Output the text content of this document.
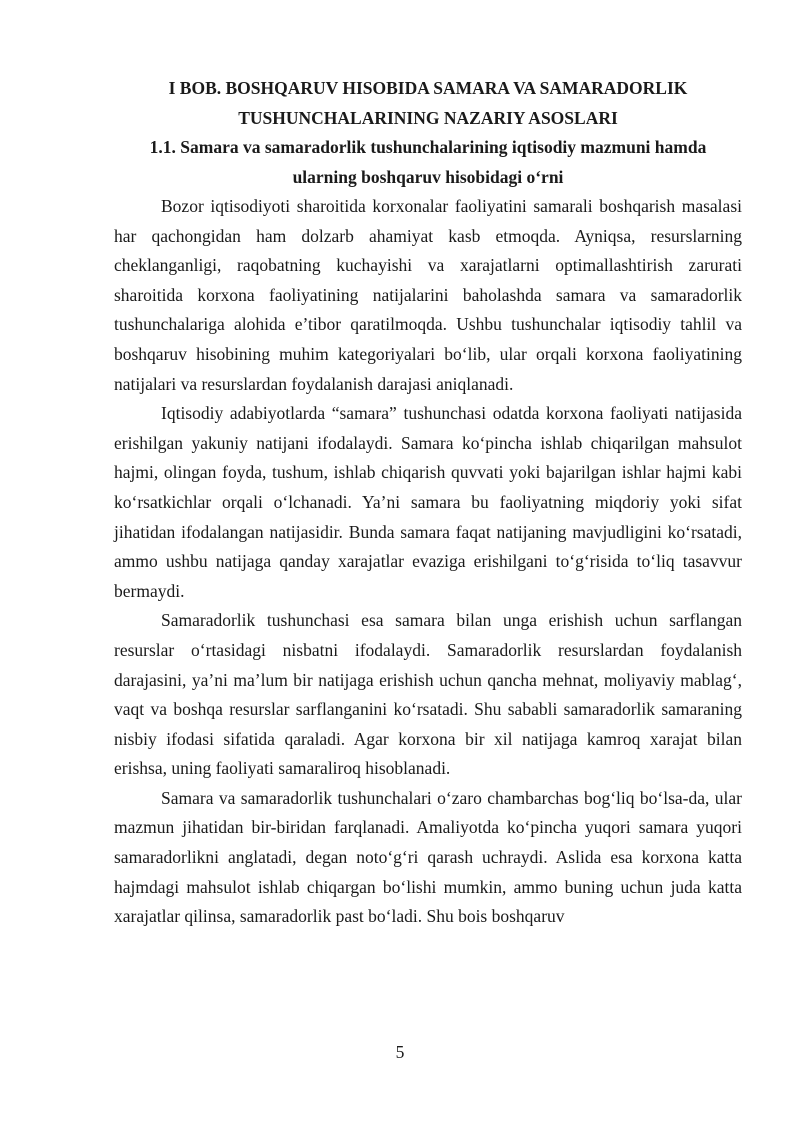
I BOB. BOSHQARUV HISOBIDA SAMARA VA SAMARADORLIK

TUSHUNCHALARINING NAZARIY ASOSLARI

1.1. Samara va samaradorlik tushunchalarining iqtisodiy mazmuni hamda

ularning boshqaruv hisobidagi o‘rni

Bozor iqtisodiyoti sharoitida korxonalar faoliyatini samarali boshqarish masalasi har qachongidan ham dolzarb ahamiyat kasb etmoqda. Ayniqsa, resurslarning cheklanganligi, raqobatning kuchayishi va xarajatlarni optimallashtirish zarurati sharoitida korxona faoliyatining natijalarini baholashda samara va samaradorlik tushunchalariga alohida e’tibor qaratilmoqda. Ushbu tushunchalar iqtisodiy tahlil va boshqaruv hisobining muhim kategoriyalari bo‘lib, ular orqali korxona faoliyatining natijalari va resurslardan foydalanish darajasi aniqlanadi.

Iqtisodiy adabiyotlarda “samara” tushunchasi odatda korxona faoliyati natijasida erishilgan yakuniy natijani ifodalaydi. Samara ko‘pincha ishlab chiqarilgan mahsulot hajmi, olingan foyda, tushum, ishlab chiqarish quvvati yoki bajarilgan ishlar hajmi kabi ko‘rsatkichlar orqali o‘lchanadi. Ya’ni samara bu faoliyatning miqdoriy yoki sifat jihatidan ifodalangan natijasidir. Bunda samara faqat natijaning mavjudligini ko‘rsatadi, ammo ushbu natijaga qanday xarajatlar evaziga erishilgani to‘g‘risida to‘liq tasavvur bermaydi.

Samaradorlik tushunchasi esa samara bilan unga erishish uchun sarflangan resurslar o‘rtasidagi nisbatni ifodalaydi. Samaradorlik resurslardan foydalanish darajasini, ya’ni ma’lum bir natijaga erishish uchun qancha mehnat, moliyaviy mablag‘, vaqt va boshqa resurslar sarflanganini ko‘rsatadi. Shu sababli samaradorlik samaraning nisbiy ifodasi sifatida qaraladi. Agar korxona bir xil natijaga kamroq xarajat bilan erishsa, uning faoliyati samaraliroq hisoblanadi.

Samara va samaradorlik tushunchalari o‘zaro chambarchas bog‘liq bo‘lsa-da, ular mazmun jihatidan bir-biridan farqlanadi. Amaliyotda ko‘pincha yuqori samara yuqori samaradorlikni anglatadi, degan noto‘g‘ri qarash uchraydi. Aslida esa korxona katta hajmdagi mahsulot ishlab chiqargan bo‘lishi mumkin, ammo buning uchun juda katta xarajatlar qilinsa, samaradorlik past bo‘ladi. Shu bois boshqaruv

5
